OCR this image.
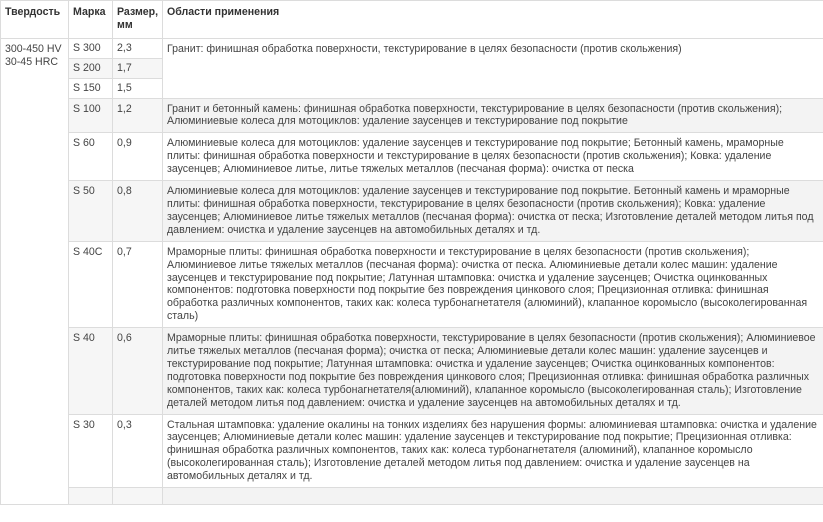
Твердость	Марка	Размер, мм	Области применения

300-450 HV
30-45 HRC	S 300	2,3	Гранит: финишная обработка поверхности, текстурирование в целях безопасности (против скольжения)
	S 200	1,7	
	S 150	1,5	
	S 100	1,2	Гранит и бетонный камень: финишная обработка поверхности, текстурирование в целях безопасности (против скольжения); Алюминиевые колеса для мотоциклов: удаление заусенцев и текстурирование под покрытие
	S 60	0,9	Алюминиевые колеса для мотоциклов: удаление заусенцев и текстурирование под покрытие; Бетонный камень, мраморные плиты: финишная обработка поверхности и текстурирование в целях безопасности (против скольжения); Ковка: удаление заусенцев; Алюминиевое литье, литье тяжелых металлов (песчаная форма): очистка от песка
	S 50	0,8	Алюминиевые колеса для мотоциклов: удаление заусенцев и текстурирование под покрытие. Бетонный камень и мраморные плиты: финишная обработка поверхности, текстурирование в целях безопасности (против скольжения); Ковка: удаление заусенцев; Алюминиевое литье тяжелых металлов (песчаная форма): очистка от песка; Изготовление деталей методом литья под давлением: очистка и удаление заусенцев на автомобильных деталях и тд.
	S 40C	0,7	Мраморные плиты: финишная обработка поверхности и текстурирование в целях безопасности (против скольжения); Алюминиевое литье тяжелых металлов (песчаная форма): очистка от песка. Алюминиевые детали колес машин: удаление заусенцев и текстурирование под покрытие; Латунная штамповка: очистка и удаление заусенцев; Очистка оцинкованных компонентов: подготовка поверхности под покрытие без повреждения цинкового слоя; Прецизионная отливка: финишная обработка различных компонентов, таких как: колеса турбонагнетателя (алюминий), клапанное коромысло (высоколегированная сталь)
	S 40	0,6	Мраморные плиты: финишная обработка поверхности, текстурирование в целях безопасности (против скольжения); Алюминиевое литье тяжелых металлов (песчаная форма); очистка от песка; Алюминиевые детали колес машин: удаление заусенцев и текстурирование под покрытие; Латунная штамповка: очистка и удаление заусенцев; Очистка оцинкованных компонентов: подготовка поверхности под покрытие без повреждения цинкового слоя; Прецизионная отливка: финишная обработка различных компонентов, таких как: колеса турбонагнетателя(алюминий), клапанное коромысло (высоколегированная сталь); Изготовление деталей методом литья под давлением: очистка и удаление заусенцев на автомобильных деталях и тд.
	S 30	0,3	Стальная штамповка: удаление окалины на тонких изделиях без нарушения формы: алюминиевая штамповка: очистка и удаление заусенцев; Алюминиевые детали колес машин: удаление заусенцев и текстурирование под покрытие; Прецизионная отливка: финишная обработка различных компонентов, таких как: колеса турбонагнетателя (алюминий), клапанное коромысло (высоколегированная сталь); Изготовление деталей методом литья под давлением: очистка и удаление заусенцев на автомобильных деталях и тд.
